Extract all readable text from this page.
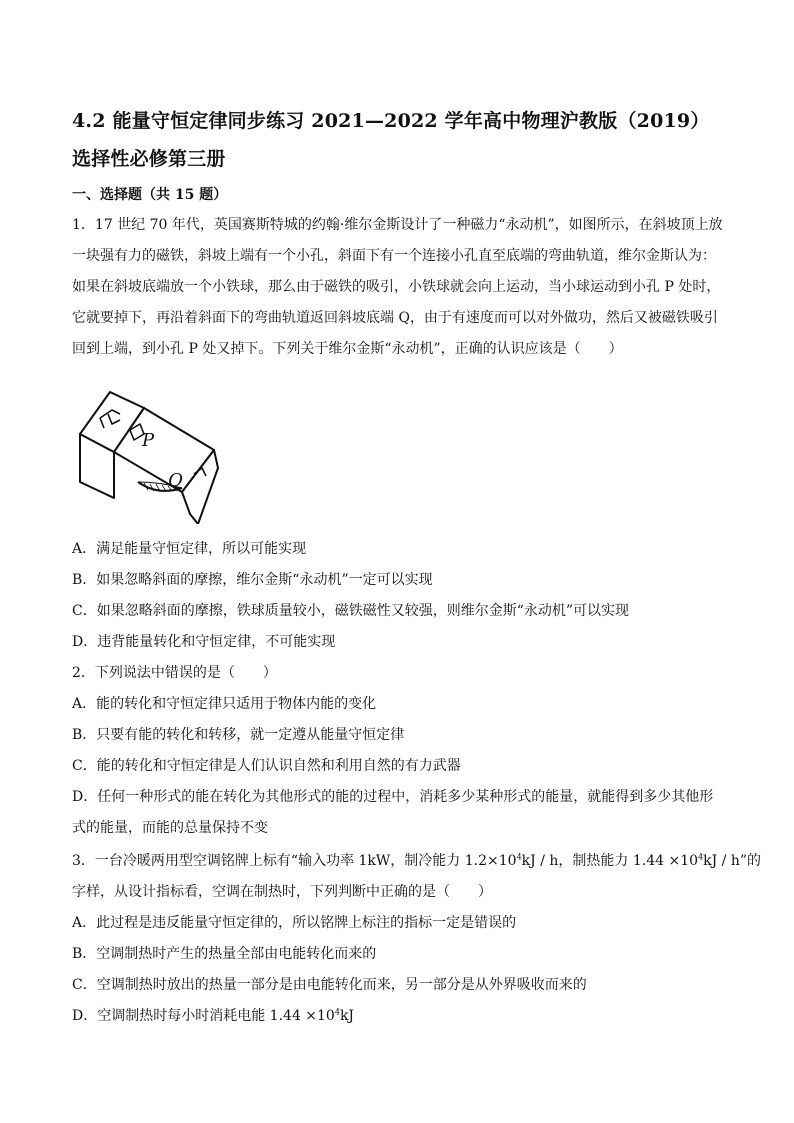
4.2 能量守恒定律同步练习 2021—2022 学年高中物理沪教版（2019）
选择性必修第三册
一、选择题（共 15 题）
1．17 世纪 70 年代，英国赛斯特城的约翰·维尔金斯设计了一种磁力“永动机”，如图所示，在斜坡顶上放
一块强有力的磁铁，斜坡上端有一个小孔，斜面下有一个连接小孔直至底端的弯曲轨道，维尔金斯认为：
如果在斜坡底端放一个小铁球，那么由于磁铁的吸引，小铁球就会向上运动，当小球运动到小孔 P 处时，
它就要掉下，再沿着斜面下的弯曲轨道返回斜坡底端 Q，由于有速度而可以对外做功，然后又被磁铁吸引
回到上端，到小孔 P 处又掉下。下列关于维尔金斯“永动机”，正确的认识应该是（　　）
P
Q
A．满足能量守恒定律，所以可能实现
B．如果忽略斜面的摩擦，维尔金斯“永动机”一定可以实现
C．如果忽略斜面的摩擦，铁球质量较小，磁铁磁性又较强，则维尔金斯“永动机”可以实现
D．违背能量转化和守恒定律，不可能实现
2．下列说法中错误的是（　　）
A．能的转化和守恒定律只适用于物体内能的变化
B．只要有能的转化和转移，就一定遵从能量守恒定律
C．能的转化和守恒定律是人们认识自然和利用自然的有力武器
D．任何一种形式的能在转化为其他形式的能的过程中，消耗多少某种形式的能量，就能得到多少其他形
式的能量，而能的总量保持不变
3．一台冷暖两用型空调铭牌上标有“输入功率 1kW，制冷能力 $1.2\times 10^4kJ / h$，制热能力 $1.44 \times 10^4kJ / h$”的
字样，从设计指标看，空调在制热时，下列判断中正确的是（　　）
A．此过程是违反能量守恒定律的，所以铭牌上标注的指标一定是错误的
B．空调制热时产生的热量全部由电能转化而来的
C．空调制热时放出的热量一部分是由电能转化而来，另一部分是从外界吸收而来的
D．空调制热时每小时消耗电能 $1.44 \times 10^4kJ$
